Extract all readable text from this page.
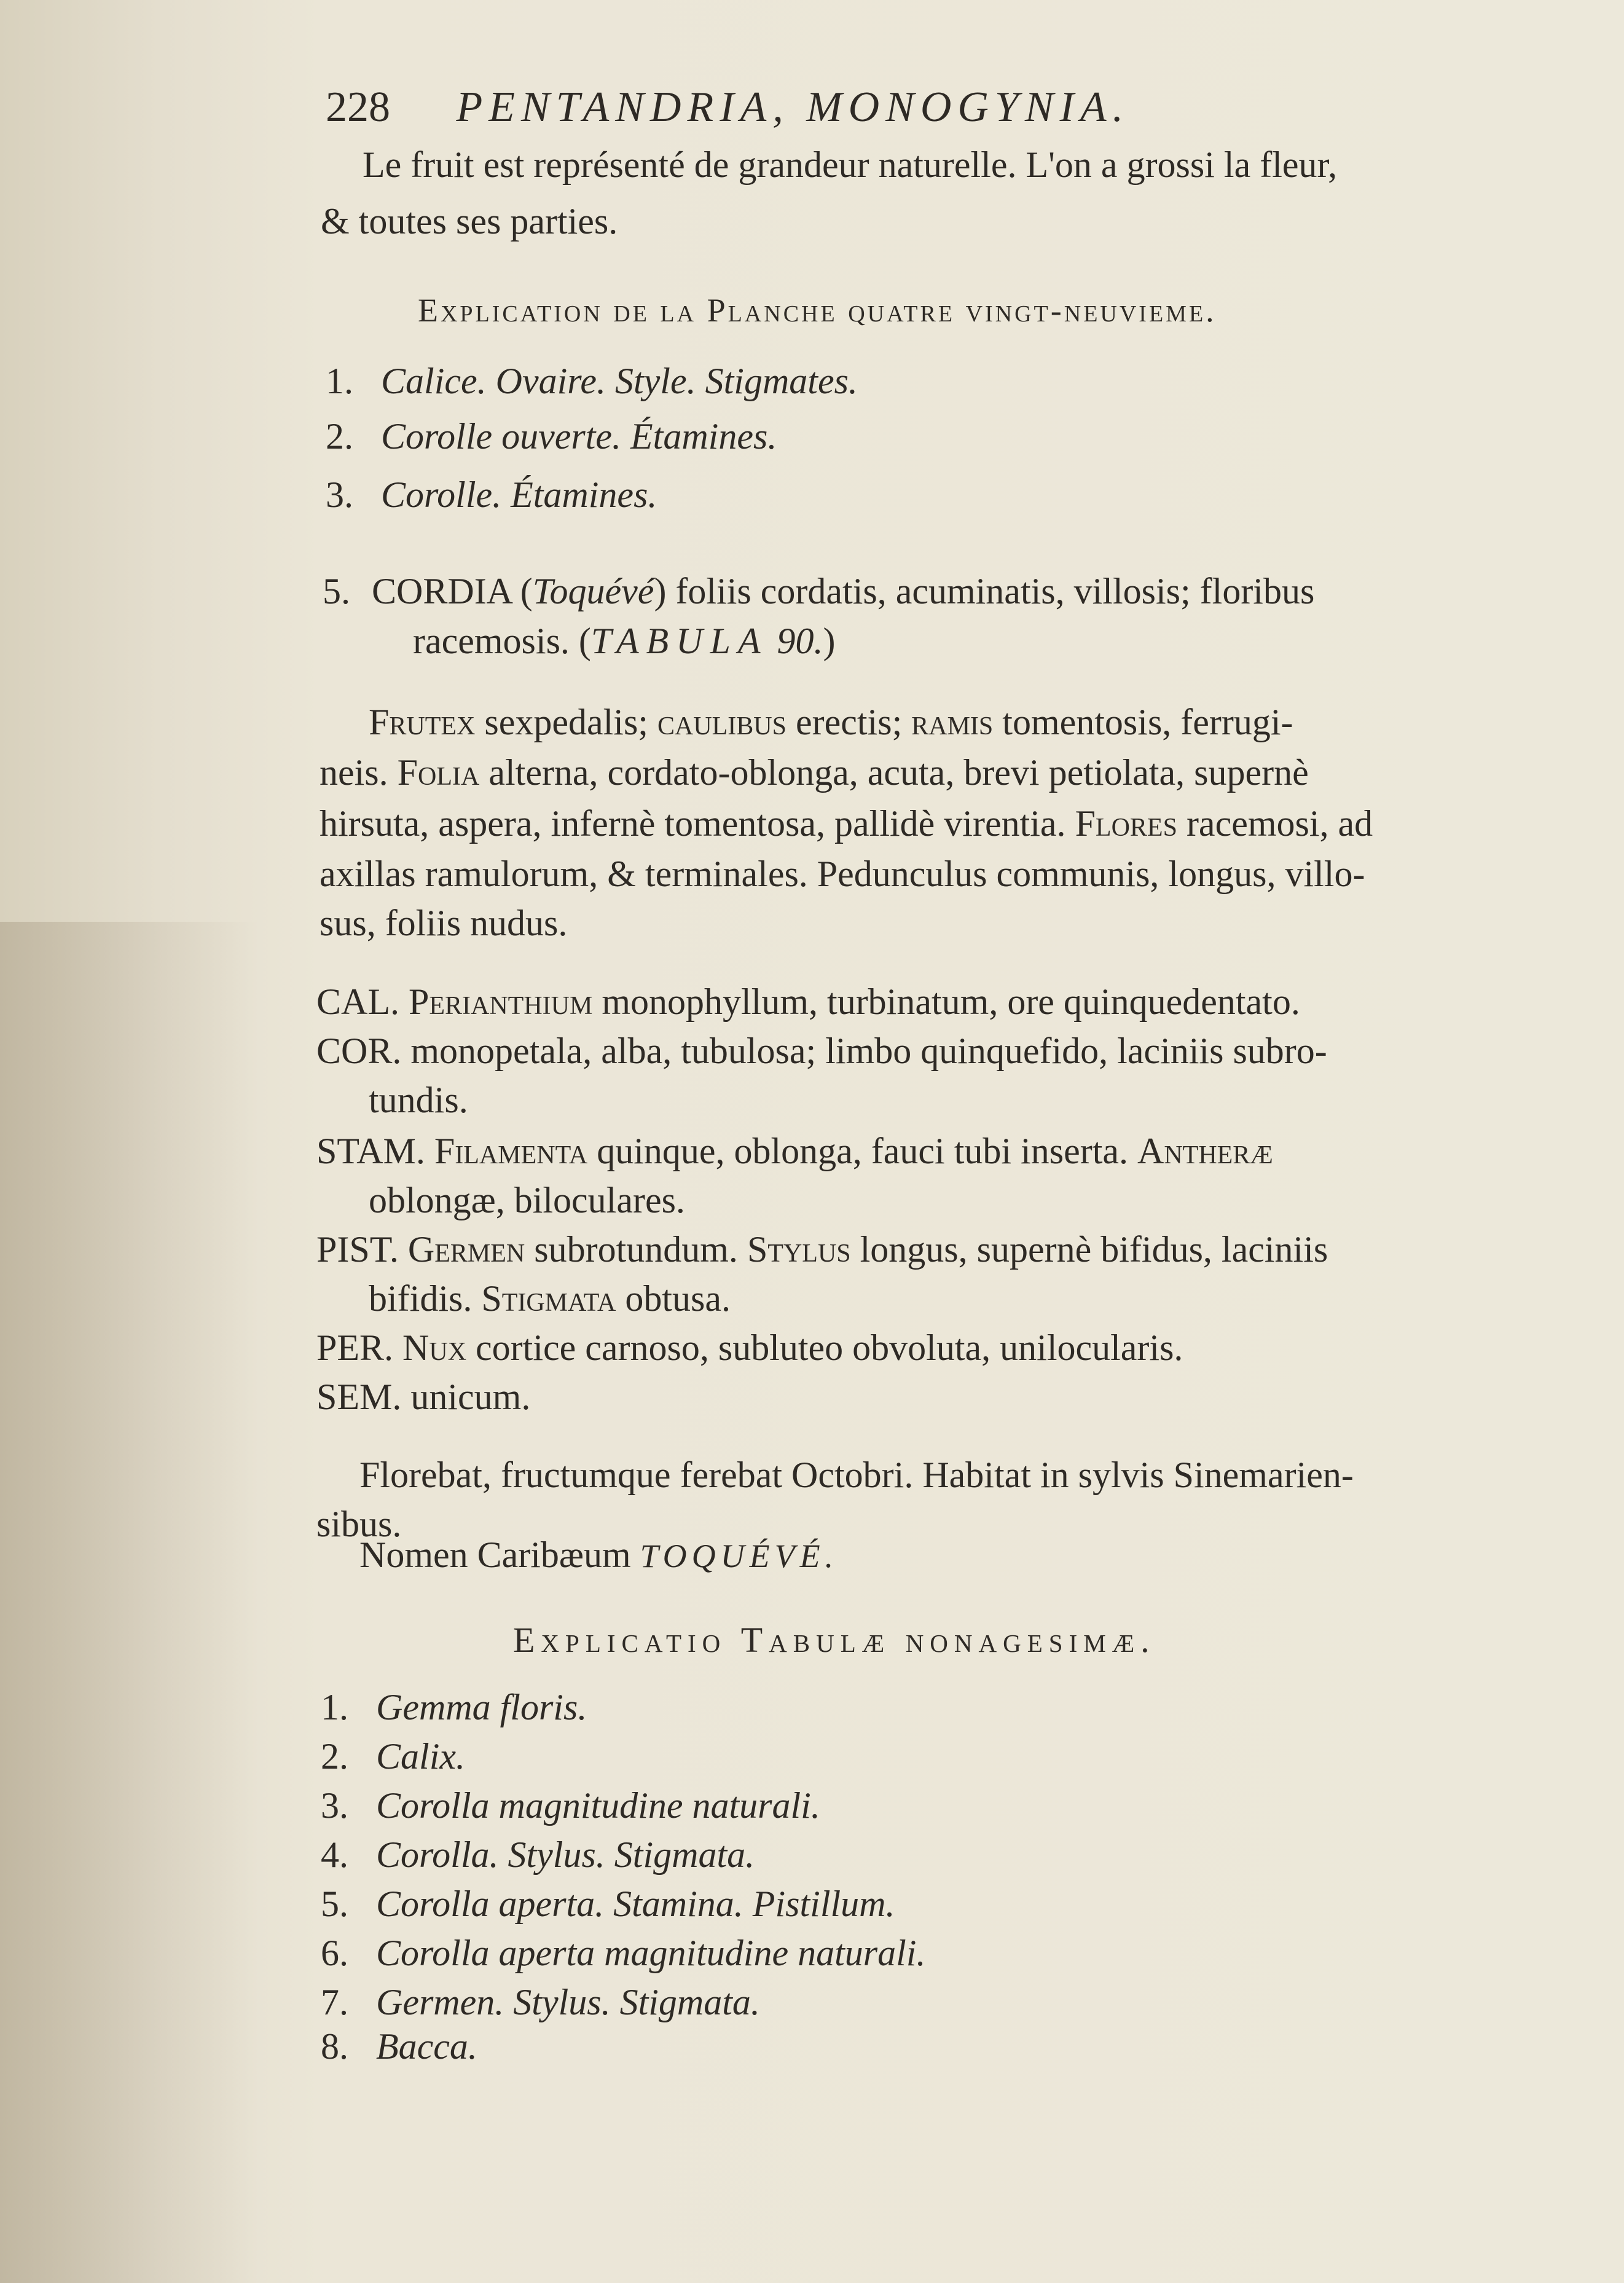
228 PENTANDRIA, MONOGYNIA.
Le fruit est représenté de grandeur naturelle. L'on a grossi la fleur,
& toutes ses parties.
Explication de la Planche quatre vingt-neuvieme.
1. Calice. Ovaire. Style. Stigmates.
2. Corolle ouverte. Étamines.
3. Corolle. Étamines.
5. CORDIA (Toquévé) foliis cordatis, acuminatis, villosis; floribus
racemosis. (TABULA 90.)
Frutex sexpedalis; caulibus erectis; ramis tomentosis, ferrugi-
neis. Folia alterna, cordato-oblonga, acuta, brevi petiolata, supernè
hirsuta, aspera, infernè tomentosa, pallidè virentia. Flores racemosi, ad
axillas ramulorum, & terminales. Pedunculus communis, longus, villo-
sus, foliis nudus.
CAL. Perianthium monophyllum, turbinatum, ore quinquedentato.
COR. monopetala, alba, tubulosa; limbo quinquefido, laciniis subro-
tundis.
STAM. Filamenta quinque, oblonga, fauci tubi inserta. Antheræ
oblongæ, biloculares.
PIST. Germen subrotundum. Stylus longus, supernè bifidus, laciniis
bifidis. Stigmata obtusa.
PER. Nux cortice carnoso, subluteo obvoluta, unilocularis.
SEM. unicum.
Florebat, fructumque ferebat Octobri. Habitat in sylvis Sinemarien-
sibus.
Nomen Caribæum TOQUÉVÉ.
Explicatio Tabulæ nonagesimæ.
1. Gemma floris.
2. Calix.
3. Corolla magnitudine naturali.
4. Corolla. Stylus. Stigmata.
5. Corolla aperta. Stamina. Pistillum.
6. Corolla aperta magnitudine naturali.
7. Germen. Stylus. Stigmata.
8. Bacca.
